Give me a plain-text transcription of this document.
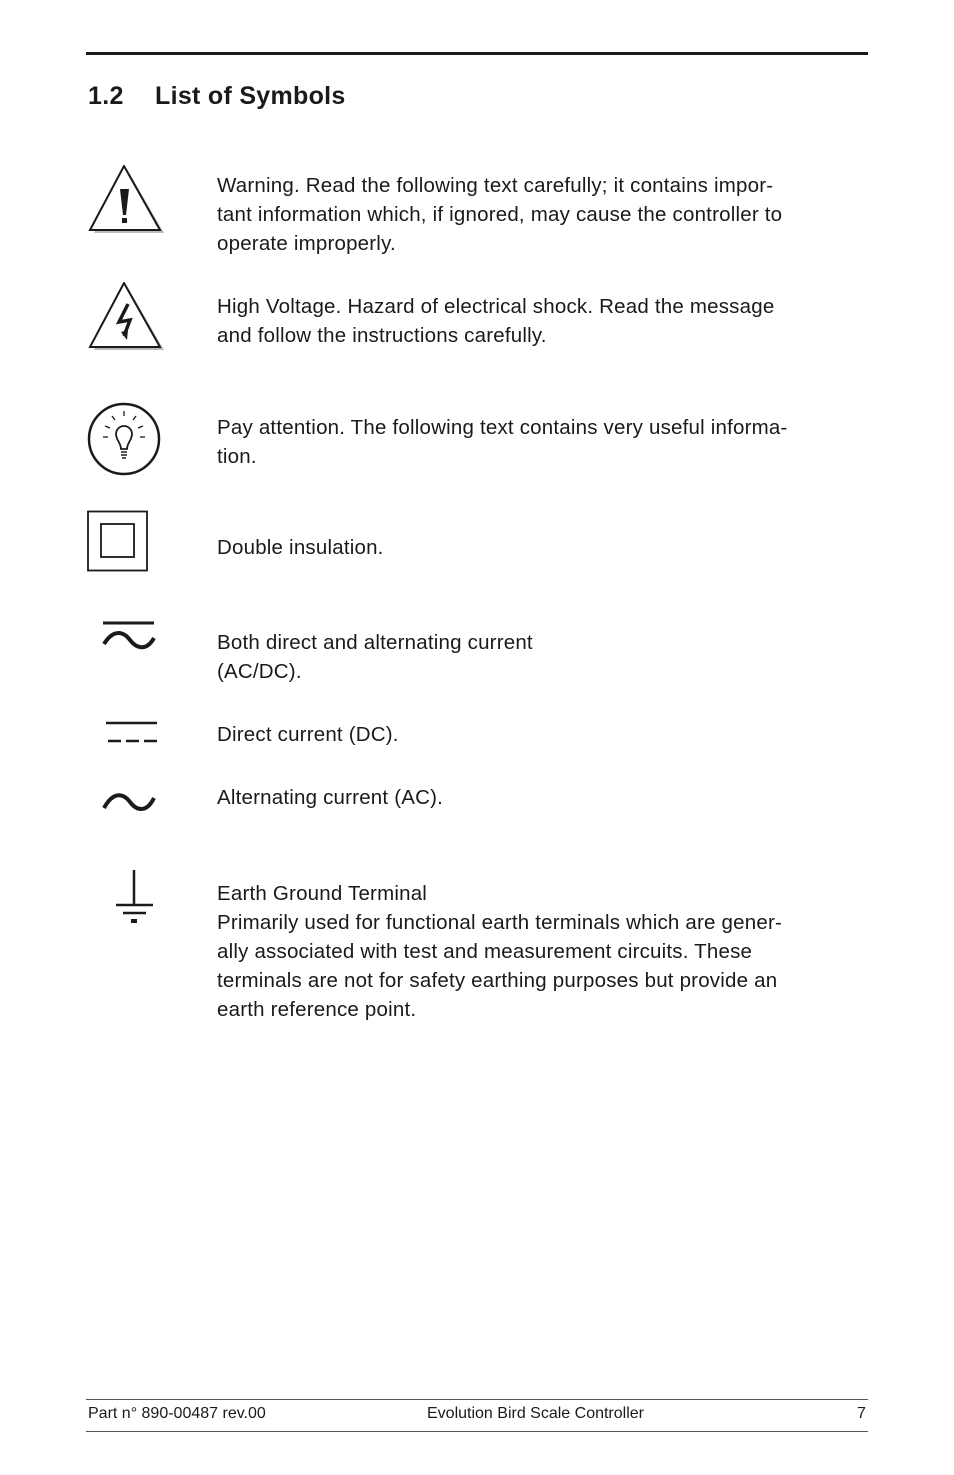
1.2 List of Symbols

Warning. Read the following text carefully; it contains impor-
tant information which, if ignored, may cause the controller to
operate improperly.

High Voltage. Hazard of electrical shock. Read the message
and follow the instructions carefully.

Pay attention. The following text contains very useful informa-
tion.

Double insulation.

Both direct and alternating current
(AC/DC).

Direct current (DC).

Alternating current (AC).

Earth Ground Terminal
Primarily used for functional earth terminals which are gener-
ally associated with test and measurement circuits. These
terminals are not for safety earthing purposes but provide an
earth reference point.

Part n° 890-00487 rev.00	Evolution Bird Scale Controller	7
